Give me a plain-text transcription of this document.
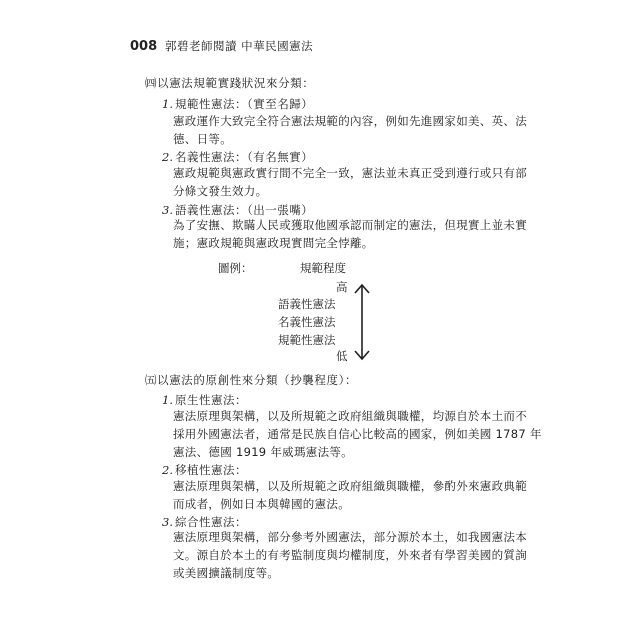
008 郭碧老師閱讀 中華民國憲法
㈣以憲法規範實踐狀況來分類：
1. 規範性憲法：（實至名歸）
憲政運作大致完全符合憲法規範的內容，例如先進國家如美、英、法
德、日等。
2. 名義性憲法：（有名無實）
憲政規範與憲政實行間不完全一致，憲法並未真正受到遵行或只有部
分條文發生效力。
3. 語義性憲法：（出一張嘴）
為了安撫、欺瞞人民或獲取他國承認而制定的憲法，但現實上並未實
施；憲政規範與憲政現實間完全悖離。
圖例：	規範程度
高
語義性憲法
名義性憲法
規範性憲法
低
㈤以憲法的原創性來分類（抄襲程度）：
1. 原生性憲法：
憲法原理與架構，以及所規範之政府組織與職權，均源自於本土而不
採用外國憲法者，通常是民族自信心比較高的國家，例如美國 1787 年
憲法、德國 1919 年威瑪憲法等。
2. 移植性憲法：
憲法原理與架構，以及所規範之政府組織與職權，參酌外來憲政典範
而成者，例如日本與韓國的憲法。
3. 綜合性憲法：
憲法原理與架構，部分參考外國憲法，部分源於本土，如我國憲法本
文。源自於本土的有考監制度與均權制度，外來者有學習美國的質詢
或美國擴議制度等。
